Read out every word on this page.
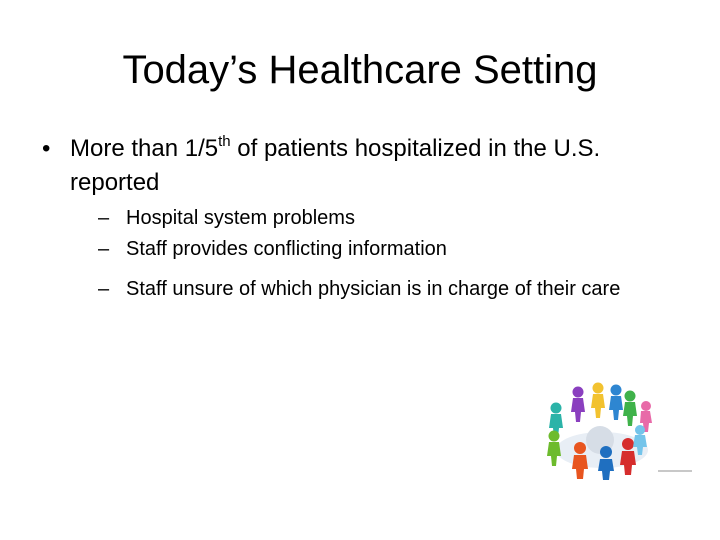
Today’s Healthcare Setting
• More than 1/5th of patients hospitalized in the U.S. reported
– Hospital system problems
– Staff provides conflicting information
– Staff unsure of which physician is in charge of their care
